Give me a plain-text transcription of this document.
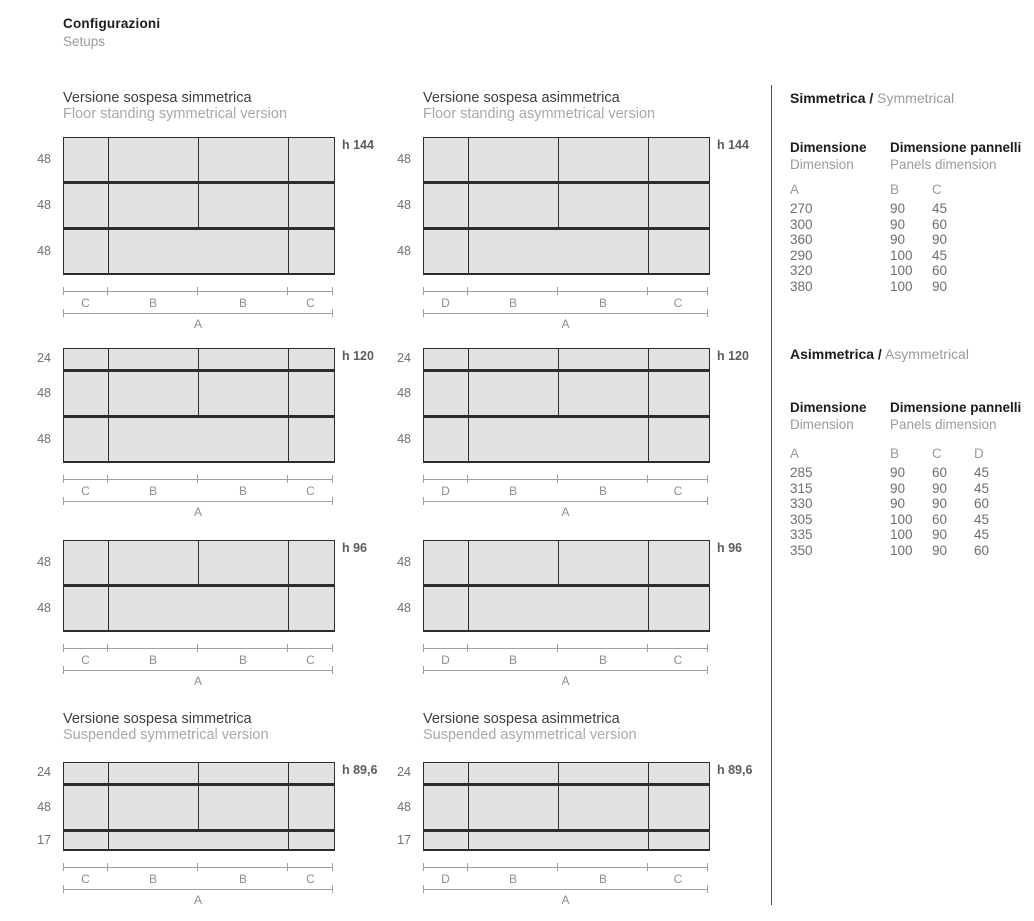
Configurazioni
Setups
Versione sospesa simmetrica
Floor standing symmetrical version
Versione sospesa asimmetrica
Floor standing asymmetrical version
Versione sospesa simmetrica
Suspended symmetrical version
Versione sospesa asimmetrica
Suspended asymmetrical version
48
48
48
h 144
C	B	B	C
A
48
48
48
h 144
D	B	B	C
A
24
48
48
h 120
C	B	B	C
A
24
48
48
h 120
D	B	B	C
A
48
48
h 96
C	B	B	C
A
48
48
h 96
D	B	B	C
A
24
48
17
h 89,6
C	B	B	C
A
24
48
17
h 89,6
D	B	B	C
A
Simmetrica / Symmetrical
Dimensione
Dimension
Dimensione pannelli
Panels dimension
A	B	C
270	90	45
300	90	60
360	90	90
290	100	45
320	100	60
380	100	90
Asimmetrica / Asymmetrical
Dimensione
Dimension
Dimensione pannelli
Panels dimension
A	B	C	D
285	90	60	45
315	90	90	45
330	90	90	60
305	100	60	45
335	100	90	45
350	100	90	60
